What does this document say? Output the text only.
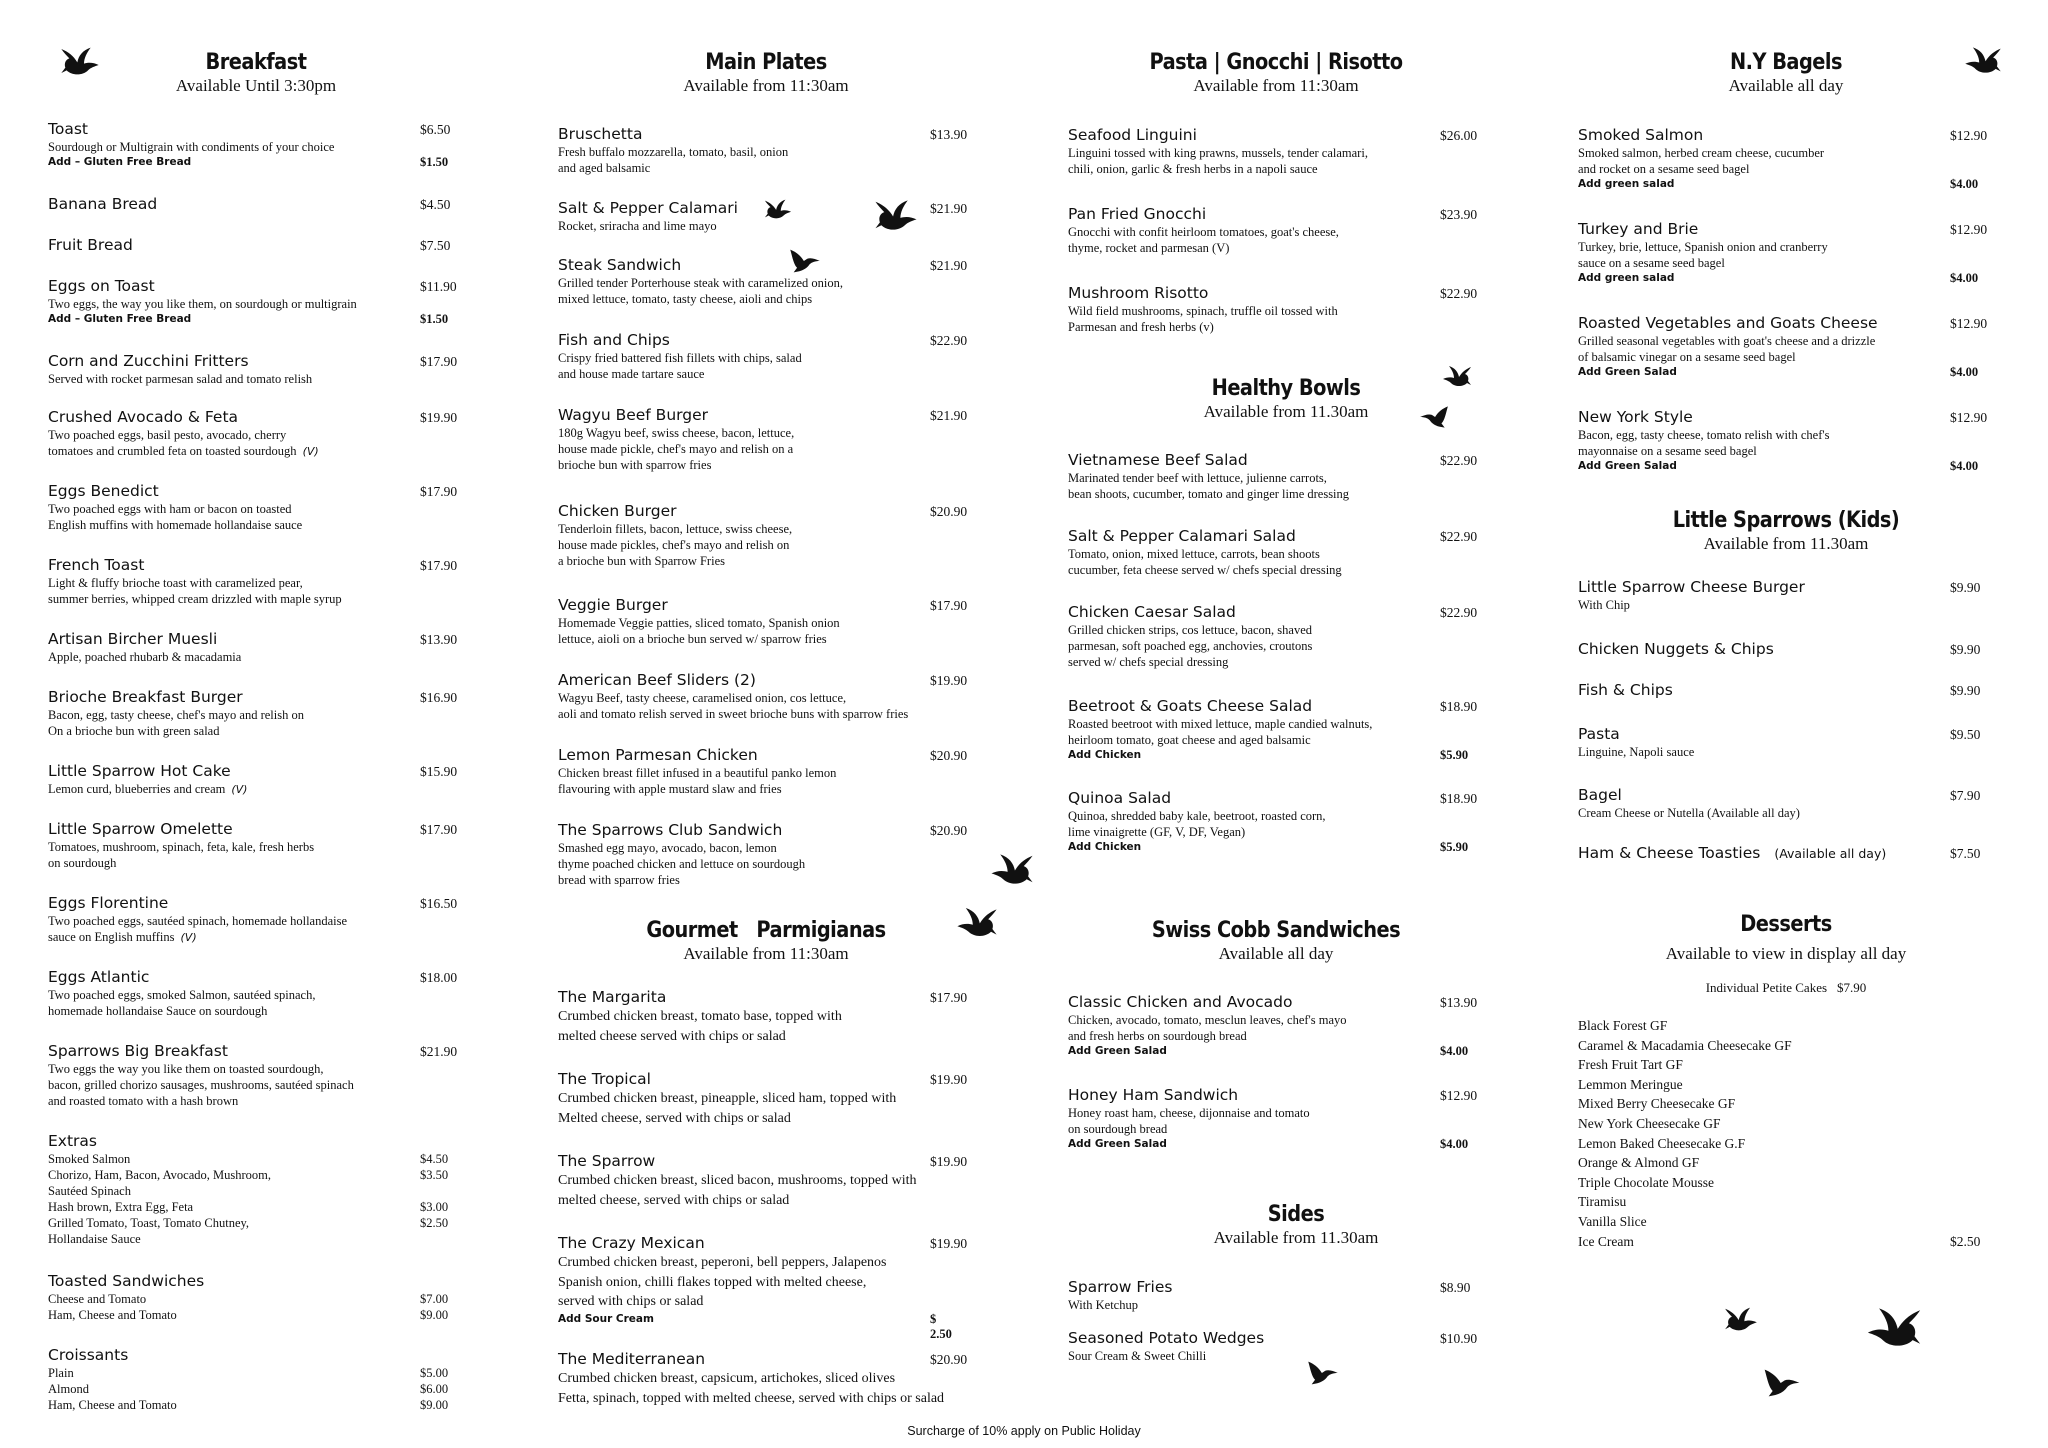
Breakfast
Available Until 3:30pm
Toast	$6.50
Sourdough or Multigrain with condiments of your choice
Add – Gluten Free Bread	$1.50
Banana Bread	$4.50
Fruit Bread	$7.50
Eggs on Toast	$11.90
Two eggs, the way you like them, on sourdough or multigrain
Add – Gluten Free Bread	$1.50
Corn and Zucchini Fritters	$17.90
Served with rocket parmesan salad and tomato relish
Crushed Avocado & Feta	$19.90
Two poached eggs, basil pesto, avocado, cherry
tomatoes and crumbled feta on toasted sourdough (V)
Eggs Benedict	$17.90
Two poached eggs with ham or bacon on toasted
English muffins with homemade hollandaise sauce
French Toast	$17.90
Light & fluffy brioche toast with caramelized pear,
summer berries, whipped cream drizzled with maple syrup
Artisan Bircher Muesli	$13.90
Apple, poached rhubarb & macadamia
Brioche Breakfast Burger	$16.90
Bacon, egg, tasty cheese, chef's mayo and relish on
On a brioche bun with green salad
Little Sparrow Hot Cake	$15.90
Lemon curd, blueberries and cream (V)
Little Sparrow Omelette	$17.90
Tomatoes, mushroom, spinach, feta, kale, fresh herbs
on sourdough
Eggs Florentine	$16.50
Two poached eggs, sautéed spinach, homemade hollandaise
sauce on English muffins (V)
Eggs Atlantic	$18.00
Two poached eggs, smoked Salmon, sautéed spinach,
homemade hollandaise Sauce on sourdough
Sparrows Big Breakfast	$21.90
Two eggs the way you like them on toasted sourdough,
bacon, grilled chorizo sausages, mushrooms, sautéed spinach
and roasted tomato with a hash brown
Extras
Smoked Salmon	$4.50
Chorizo, Ham, Bacon, Avocado, Mushroom,	$3.50
Sautéed Spinach
Hash brown, Extra Egg, Feta	$3.00
Grilled Tomato, Toast, Tomato Chutney,	$2.50
Hollandaise Sauce
Toasted Sandwiches
Cheese and Tomato	$7.00
Ham, Cheese and Tomato	$9.00
Croissants
Plain	$5.00
Almond	$6.00
Ham, Cheese and Tomato	$9.00
Main Plates
Available from 11:30am
Bruschetta	$13.90
Fresh buffalo mozzarella, tomato, basil, onion
and aged balsamic
Salt & Pepper Calamari	$21.90
Rocket, sriracha and lime mayo
Steak Sandwich	$21.90
Grilled tender Porterhouse steak with caramelized onion,
mixed lettuce, tomato, tasty cheese, aioli and chips
Fish and Chips	$22.90
Crispy fried battered fish fillets with chips, salad
and house made tartare sauce
Wagyu Beef Burger	$21.90
180g Wagyu beef, swiss cheese, bacon, lettuce,
house made pickle, chef's mayo and relish on a
brioche bun with sparrow fries
Chicken Burger	$20.90
Tenderloin fillets, bacon, lettuce, swiss cheese,
house made pickles, chef's mayo and relish on
a brioche bun with Sparrow Fries
Veggie Burger	$17.90
Homemade Veggie patties, sliced tomato, Spanish onion
lettuce, aioli on a brioche bun served w/ sparrow fries
American Beef Sliders (2)	$19.90
Wagyu Beef, tasty cheese, caramelised onion, cos lettuce,
aoli and tomato relish served in sweet brioche buns with sparrow fries
Lemon Parmesan Chicken	$20.90
Chicken breast fillet infused in a beautiful panko lemon
flavouring with apple mustard slaw and fries
The Sparrows Club Sandwich	$20.90
Smashed egg mayo, avocado, bacon, lemon
thyme poached chicken and lettuce on sourdough
bread with sparrow fries
Gourmet   Parmigianas
Available from 11:30am
The Margarita	$17.90
Crumbed chicken breast, tomato base, topped with
melted cheese served with chips or salad
The Tropical	$19.90
Crumbed chicken breast, pineapple, sliced ham, topped with
Melted cheese, served with chips or salad
The Sparrow	$19.90
Crumbed chicken breast, sliced bacon, mushrooms, topped with
melted cheese, served with chips or salad
The Crazy Mexican	$19.90
Crumbed chicken breast, peperoni, bell peppers, Jalapenos
Spanish onion, chilli flakes topped with melted cheese,
served with chips or salad
Add Sour Cream	$ 2.50
The Mediterranean	$20.90
Crumbed chicken breast, capsicum, artichokes, sliced olives
Fetta, spinach, topped with melted cheese, served with chips or salad
Pasta | Gnocchi | Risotto
Available from 11:30am
Seafood Linguini	$26.00
Linguini tossed with king prawns, mussels, tender calamari,
chili, onion, garlic & fresh herbs in a napoli sauce
Pan Fried Gnocchi	$23.90
Gnocchi with confit heirloom tomatoes, goat's cheese,
thyme, rocket and parmesan (V)
Mushroom Risotto	$22.90
Wild field mushrooms, spinach, truffle oil tossed with
Parmesan and fresh herbs (v)
Healthy Bowls
Available from 11.30am
Vietnamese Beef Salad	$22.90
Marinated tender beef with lettuce, julienne carrots,
bean shoots, cucumber, tomato and ginger lime dressing
Salt & Pepper Calamari Salad	$22.90
Tomato, onion, mixed lettuce, carrots, bean shoots
cucumber, feta cheese served w/ chefs special dressing
Chicken Caesar Salad	$22.90
Grilled chicken strips, cos lettuce, bacon, shaved
parmesan, soft poached egg, anchovies, croutons
served w/ chefs special dressing
Beetroot & Goats Cheese Salad	$18.90
Roasted beetroot with mixed lettuce, maple candied walnuts,
heirloom tomato, goat cheese and aged balsamic
Add Chicken	$5.90
Quinoa Salad	$18.90
Quinoa, shredded baby kale, beetroot, roasted corn,
lime vinaigrette (GF, V, DF, Vegan)
Add Chicken	$5.90
Swiss Cobb Sandwiches
Available all day
Classic Chicken and Avocado	$13.90
Chicken, avocado, tomato, mesclun leaves, chef's mayo
and fresh herbs on sourdough bread
Add Green Salad	$4.00
Honey Ham Sandwich	$12.90
Honey roast ham, cheese, dijonnaise and tomato
on sourdough bread
Add Green Salad	$4.00
Sides
Available from 11.30am
Sparrow Fries	$8.90
With Ketchup
Seasoned Potato Wedges	$10.90
Sour Cream & Sweet Chilli
N.Y Bagels
Available all day
Smoked Salmon	$12.90
Smoked salmon, herbed cream cheese, cucumber
and rocket on a sesame seed bagel
Add green salad	$4.00
Turkey and Brie	$12.90
Turkey, brie, lettuce, Spanish onion and cranberry
sauce on a sesame seed bagel
Add green salad	$4.00
Roasted Vegetables and Goats Cheese	$12.90
Grilled seasonal vegetables with goat's cheese and a drizzle
of balsamic vinegar on a sesame seed bagel
Add Green Salad	$4.00
New York Style	$12.90
Bacon, egg, tasty cheese, tomato relish with chef's
mayonnaise on a sesame seed bagel
Add Green Salad	$4.00
Little Sparrows (Kids)
Available from 11.30am
Little Sparrow Cheese Burger	$9.90
With Chip
Chicken Nuggets & Chips	$9.90
Fish & Chips	$9.90
Pasta	$9.50
Linguine, Napoli sauce
Bagel	$7.90
Cream Cheese or Nutella (Available all day)
Ham & Cheese Toasties (Available all day)	$7.50
Desserts
Available to view in display all day
Individual Petite Cakes $7.90
Black Forest GF
Caramel & Macadamia Cheesecake GF
Fresh Fruit Tart GF
Lemmon Meringue
Mixed Berry Cheesecake GF
New York Cheesecake GF
Lemon Baked Cheesecake G.F
Orange & Almond GF
Triple Chocolate Mousse
Tiramisu
Vanilla Slice
Ice Cream	$2.50
Surcharge of 10% apply on Public Holiday
